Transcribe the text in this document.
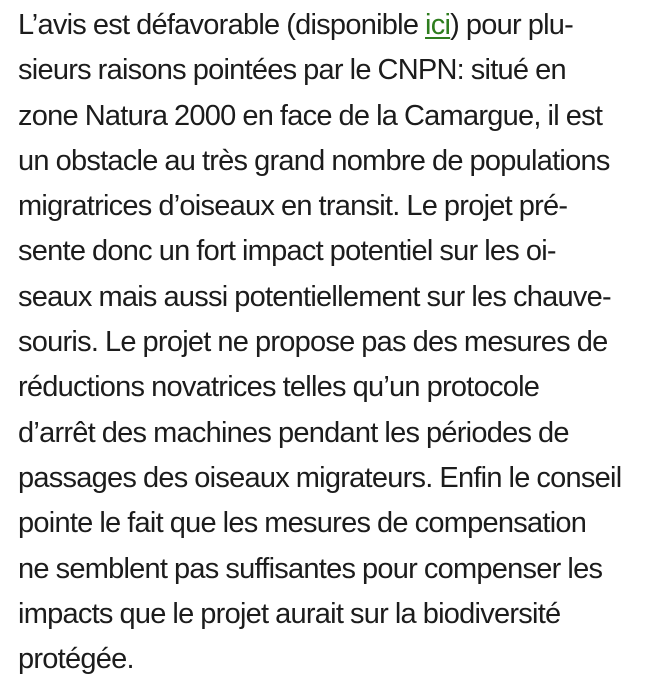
L’avis est défavorable (disponible ici) pour plu-
sieurs raisons pointées par le CNPN: situé en
zone Natura 2000 en face de la Camargue, il est
un obstacle au très grand nombre de populations
migratrices d’oiseaux en transit. Le projet pré-
sente donc un fort impact potentiel sur les oi-
seaux mais aussi potentiellement sur les chauve-
souris. Le projet ne propose pas des mesures de
réductions novatrices telles qu’un protocole
d’arrêt des machines pendant les périodes de
passages des oiseaux migrateurs. Enfin le conseil
pointe le fait que les mesures de compensation
ne semblent pas suffisantes pour compenser les
impacts que le projet aurait sur la biodiversité
protégée.
